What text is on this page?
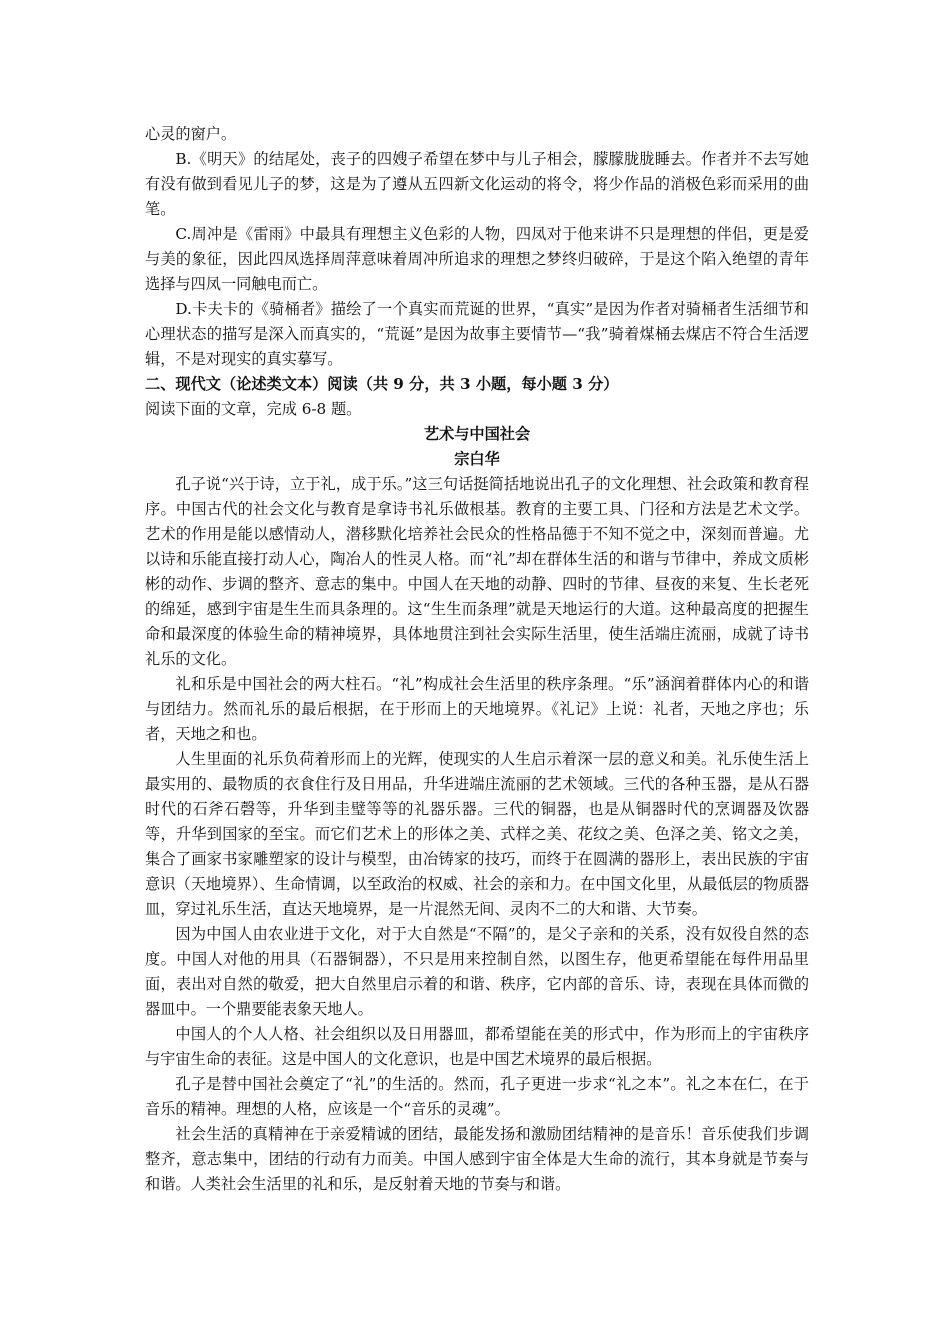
心灵的窗户。

B.《明天》的结尾处，丧子的四嫂子希望在梦中与儿子相会，朦朦胧胧睡去。作者并不去写她有没有做到看见儿子的梦，这是为了遵从五四新文化运动的将令，将少作品的消极色彩而采用的曲笔。

C.周冲是《雷雨》中最具有理想主义色彩的人物，四凤对于他来讲不只是理想的伴侣，更是爱与美的象征，因此四凤选择周萍意味着周冲所追求的理想之梦终归破碎，于是这个陷入绝望的青年选择与四凤一同触电而亡。

D.卡夫卡的《骑桶者》描绘了一个真实而荒诞的世界，“真实”是因为作者对骑桶者生活细节和心理状态的描写是深入而真实的，“荒诞”是因为故事主要情节—“我”骑着煤桶去煤店不符合生活逻辑，不是对现实的真实摹写。

二、现代文（论述类文本）阅读（共 9 分，共 3 小题，每小题 3 分）

阅读下面的文章，完成 6-8 题。

艺术与中国社会

宗白华

孔子说“兴于诗，立于礼，成于乐。”这三句话挺简括地说出孔子的文化理想、社会政策和教育程序。中国古代的社会文化与教育是拿诗书礼乐做根基。教育的主要工具、门径和方法是艺术文学。艺术的作用是能以感情动人，潜移默化培养社会民众的性格品德于不知不觉之中，深刻而普遍。尤以诗和乐能直接打动人心，陶冶人的性灵人格。而“礼”却在群体生活的和谐与节律中，养成文质彬彬的动作、步调的整齐、意志的集中。中国人在天地的动静、四时的节律、昼夜的来复、生长老死的绵延，感到宇宙是生生而具条理的。这“生生而条理”就是天地运行的大道。这种最高度的把握生命和最深度的体验生命的精神境界，具体地贯注到社会实际生活里，使生活端庄流丽，成就了诗书礼乐的文化。

礼和乐是中国社会的两大柱石。“礼”构成社会生活里的秩序条理。“乐”涵润着群体内心的和谐与团结力。然而礼乐的最后根据，在于形而上的天地境界。《礼记》上说：礼者，天地之序也；乐者，天地之和也。

人生里面的礼乐负荷着形而上的光辉，使现实的人生启示着深一层的意义和美。礼乐使生活上最实用的、最物质的衣食住行及日用品，升华进端庄流丽的艺术领域。三代的各种玉器，是从石器时代的石斧石磬等，升华到圭璧等等的礼器乐器。三代的铜器，也是从铜器时代的烹调器及饮器等，升华到国家的至宝。而它们艺术上的形体之美、式样之美、花纹之美、色泽之美、铭文之美，集合了画家书家雕塑家的设计与模型，由冶铸家的技巧，而终于在圆满的器形上，表出民族的宇宙意识（天地境界）、生命情调，以至政治的权威、社会的亲和力。在中国文化里，从最低层的物质器皿，穿过礼乐生活，直达天地境界，是一片混然无间、灵肉不二的大和谐、大节奏。

因为中国人由农业进于文化，对于大自然是“不隔”的，是父子亲和的关系，没有奴役自然的态度。中国人对他的用具（石器铜器），不只是用来控制自然，以图生存，他更希望能在每件用品里面，表出对自然的敬爱，把大自然里启示着的和谐、秩序，它内部的音乐、诗，表现在具体而微的器皿中。一个鼎要能表象天地人。

中国人的个人人格、社会组织以及日用器皿，都希望能在美的形式中，作为形而上的宇宙秩序与宇宙生命的表征。这是中国人的文化意识，也是中国艺术境界的最后根据。

孔子是替中国社会奠定了“礼”的生活的。然而，孔子更进一步求“礼之本”。礼之本在仁，在于音乐的精神。理想的人格，应该是一个“音乐的灵魂”。

社会生活的真精神在于亲爱精诚的团结，最能发扬和激励团结精神的是音乐！音乐使我们步调整齐，意志集中，团结的行动有力而美。中国人感到宇宙全体是大生命的流行，其本身就是节奏与和谐。人类社会生活里的礼和乐，是反射着天地的节奏与和谐。
